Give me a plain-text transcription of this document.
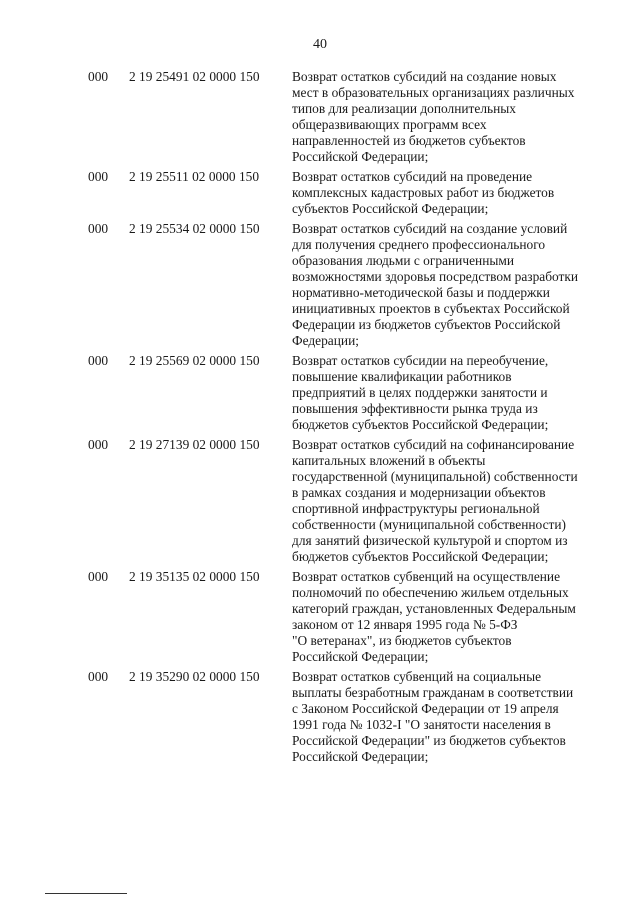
40
000 2 19 25491 02 0000 150 Возврат остатков субсидий на создание новых
мест в образовательных организациях различных
типов для реализации дополнительных
общеразвивающих программ всех
направленностей из бюджетов субъектов
Российской Федерации;
000 2 19 25511 02 0000 150 Возврат остатков субсидий на проведение
комплексных кадастровых работ из бюджетов
субъектов Российской Федерации;
000 2 19 25534 02 0000 150 Возврат остатков субсидий на создание условий
для получения среднего профессионального
образования людьми с ограниченными
возможностями здоровья посредством разработки
нормативно-методической базы и поддержки
инициативных проектов в субъектах Российской
Федерации из бюджетов субъектов Российской
Федерации;
000 2 19 25569 02 0000 150 Возврат остатков субсидии на переобучение,
повышение квалификации работников
предприятий в целях поддержки занятости и
повышения эффективности рынка труда из
бюджетов субъектов Российской Федерации;
000 2 19 27139 02 0000 150 Возврат остатков субсидий на софинансирование
капитальных вложений в объекты
государственной (муниципальной) собственности
в рамках создания и модернизации объектов
спортивной инфраструктуры региональной
собственности (муниципальной собственности)
для занятий физической культурой и спортом из
бюджетов субъектов Российской Федерации;
000 2 19 35135 02 0000 150 Возврат остатков субвенций на осуществление
полномочий по обеспечению жильем отдельных
категорий граждан, установленных Федеральным
законом от 12 января 1995 года № 5-ФЗ
"О ветеранах", из бюджетов субъектов
Российской Федерации;
000 2 19 35290 02 0000 150 Возврат остатков субвенций на социальные
выплаты безработным гражданам в соответствии
с Законом Российской Федерации от 19 апреля
1991 года № 1032-I "О занятости населения в
Российской Федерации" из бюджетов субъектов
Российской Федерации;
